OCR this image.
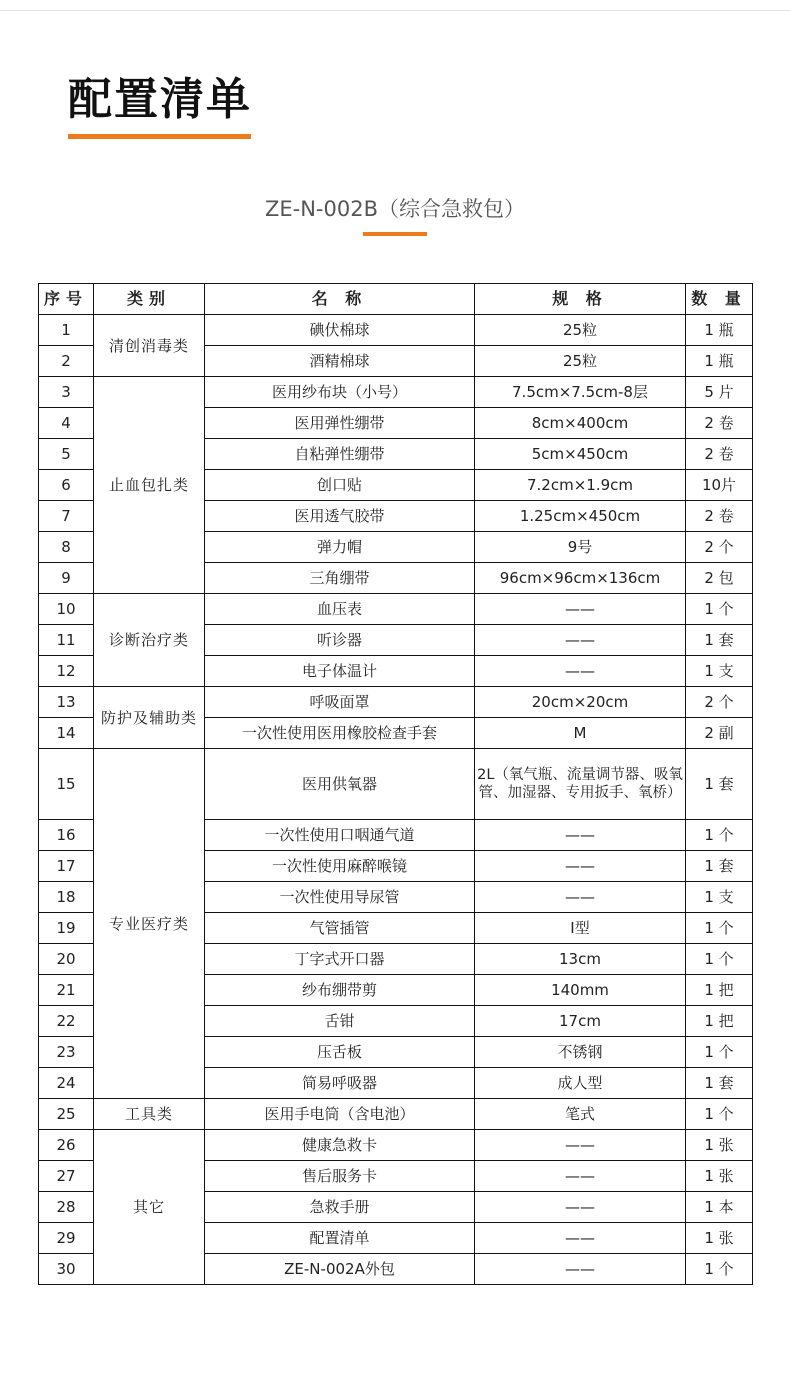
配置清单
ZE-N-002B（综合急救包）
序号	类别	名 称	规 格	数 量
1	清创消毒类	碘伏棉球	25粒	1 瓶
2		酒精棉球	25粒	1 瓶
3	止血包扎类	医用纱布块（小号）	7.5cm×7.5cm-8层	5 片
4		医用弹性绷带	8cm×400cm	2 卷
5		自粘弹性绷带	5cm×450cm	2 卷
6		创口贴	7.2cm×1.9cm	10片
7		医用透气胶带	1.25cm×450cm	2 卷
8		弹力帽	9号	2 个
9		三角绷带	96cm×96cm×136cm	2 包
10	诊断治疗类	血压表	——	1 个
11		听诊器	——	1 套
12		电子体温计	——	1 支
13	防护及辅助类	呼吸面罩	20cm×20cm	2 个
14		一次性使用医用橡胶检查手套	M	2 副
15	专业医疗类	医用供氧器	2L（氧气瓶、流量调节器、吸氧管、加湿器、专用扳手、氧桥）	1 套
16		一次性使用口咽通气道	——	1 个
17		一次性使用麻醉喉镜	——	1 套
18		一次性使用导尿管	——	1 支
19		气管插管	I型	1 个
20		丁字式开口器	13cm	1 个
21		纱布绷带剪	140mm	1 把
22		舌钳	17cm	1 把
23		压舌板	不锈钢	1 个
24		简易呼吸器	成人型	1 套
25	工具类	医用手电筒（含电池）	笔式	1 个
26	其它	健康急救卡	——	1 张
27		售后服务卡	——	1 张
28		急救手册	——	1 本
29		配置清单	——	1 张
30		ZE-N-002A外包	——	1 个
